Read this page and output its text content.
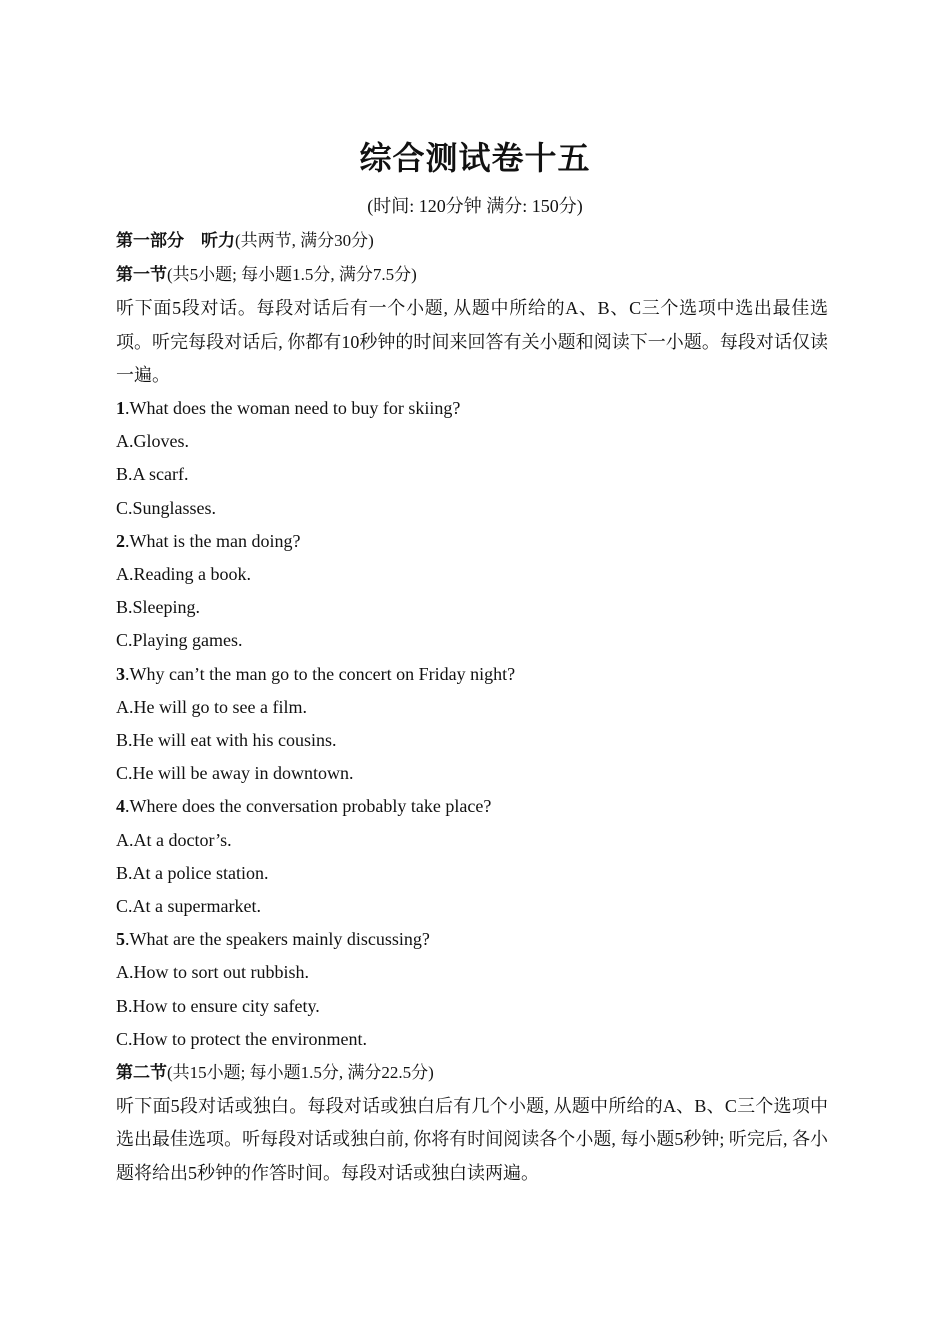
综合测试卷十五
(时间: 120分钟 满分: 150分)

第一部分　听力(共两节, 满分30分)

第一节(共5小题; 每小题1.5分, 满分7.5分)

听下面5段对话。每段对话后有一个小题, 从题中所给的A、B、C三个选项中选出最佳选项。听完每段对话后, 你都有10秒钟的时间来回答有关小题和阅读下一小题。每段对话仅读一遍。

1.What does the woman need to buy for skiing?

A.Gloves.

B.A scarf.

C.Sunglasses.

2.What is the man doing?

A.Reading a book.

B.Sleeping.

C.Playing games.

3.Why can’t the man go to the concert on Friday night?

A.He will go to see a film.

B.He will eat with his cousins.

C.He will be away in downtown.

4.Where does the conversation probably take place?

A.At a doctor’s.

B.At a police station.

C.At a supermarket.

5.What are the speakers mainly discussing?

A.How to sort out rubbish.

B.How to ensure city safety.

C.How to protect the environment.

第二节(共15小题; 每小题1.5分, 满分22.5分)

听下面5段对话或独白。每段对话或独白后有几个小题, 从题中所给的A、B、C三个选项中选出最佳选项。听每段对话或独白前, 你将有时间阅读各个小题, 每小题5秒钟; 听完后, 各小题将给出5秒钟的作答时间。每段对话或独白读两遍。
